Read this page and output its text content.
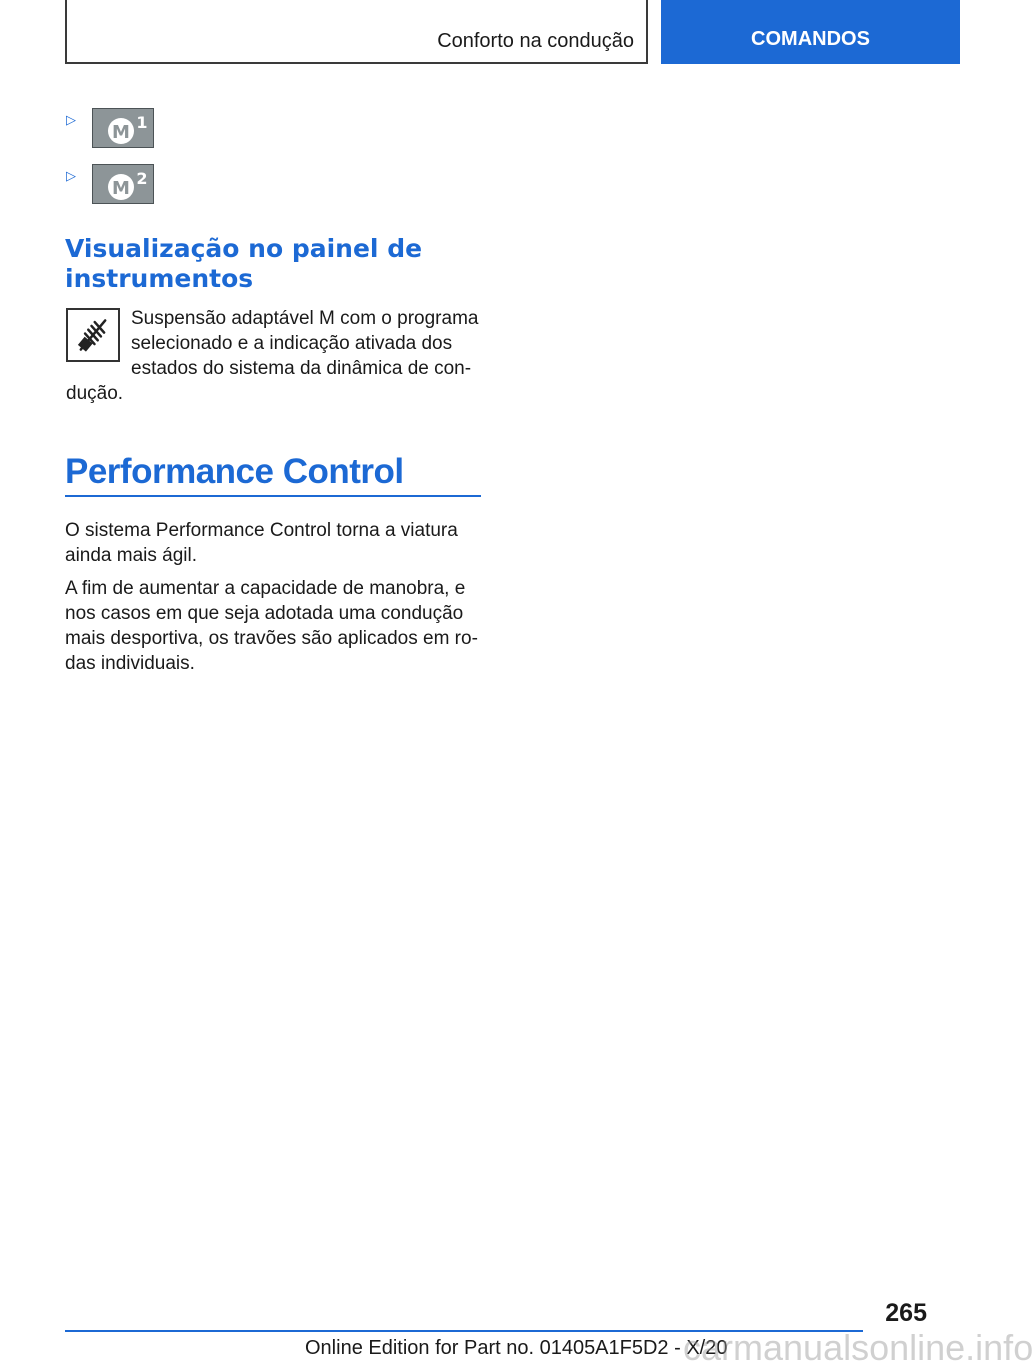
Conforto na condução	COMANDOS
▷
M 1
▷
M 2
Visualização no painel de instrumentos
Suspensão adaptável M com o programa
selecionado e a indicação ativada dos
estados do sistema da dinâmica de con-
dução.
Performance Control
O sistema Performance Control torna a viatura
ainda mais ágil.
A fim de aumentar a capacidade de manobra, e
nos casos em que seja adotada uma condução
mais desportiva, os travões são aplicados em ro-
das individuais.
265
Online Edition for Part no. 01405A1F5D2 - X/20
carmanualsonline.info
